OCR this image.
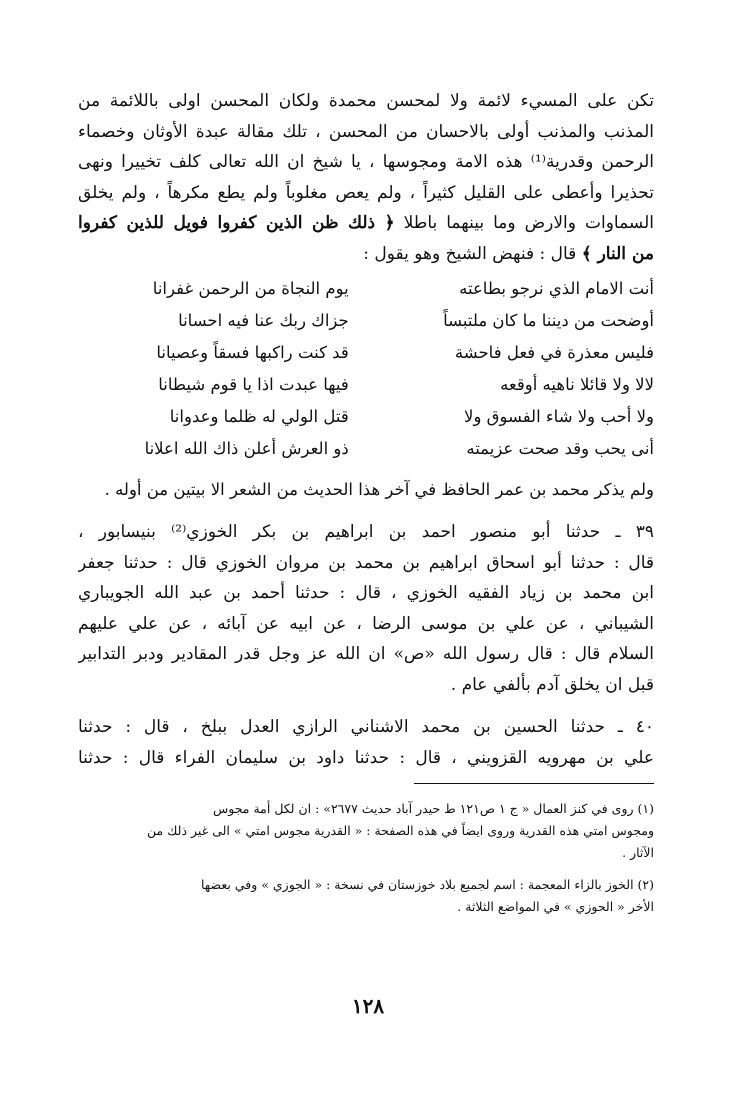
تكن على المسيء لائمة ولا لمحسن محمدة ولكان المحسن اولى باللائمة من
المذنب والمذنب أولى بالاحسان من المحسن ، تلك مقالة عبدة الأوثان وخصماء
الرحمن وقدرية⁽¹⁾ هذه الامة ومجوسها ، يا شيخ ان الله تعالى كلف تخييرا ونهى
تحذيرا وأعطى على القليل كثيراً ، ولم يعص مغلوباً ولم يطع مكرهاً ، ولم يخلق
السماوات والارض وما بينهما باطلا ﴿ ذلك ظن الذين كفروا فويل للذين كفروا
من النار ﴾ قال : فنهض الشيخ وهو يقول :
أنت الامام الذي نرجو بطاعته
يوم النجاة من الرحمن غفرانا
أوضحت من ديننا ما كان ملتبساً
جزاك ربك عنا فيه احسانا
فليس معذرة في فعل فاحشة
قد كنت راكبها فسقاً وعصيانا
لالا ولا قائلا ناهيه أوقعه
فيها عبدت اذا يا قوم شيطانا
ولا أحب ولا شاء الفسوق ولا
قتل الولي له ظلما وعدوانا
أنى يحب وقد صحت عزيمته
ذو العرش أعلن ذاك الله اعلانا
ولم يذكر محمد بن عمر الحافظ في آخر هذا الحديث من الشعر الا بيتين من أوله .
٣٩ ـ حدثنا أبو منصور احمد بن ابراهيم بن بكر الخوزي⁽²⁾ بنيسابور ،
قال : حدثنا أبو اسحاق ابراهيم بن محمد بن مروان الخوزي قال : حدثنا جعفر
ابن محمد بن زياد الفقيه الخوزي ، قال : حدثنا أحمد بن عبد الله الجويباري
الشيباني ، عن علي بن موسى الرضا ، عن ابيه عن آبائه ، عن علي عليهم
السلام قال : قال رسول الله «ص» ان الله عز وجل قدر المقادير ودبر التدابير
قبل ان يخلق آدم بألفي عام .
٤٠ ـ حدثنا الحسين بن محمد الاشناني الرازي العدل ببلخ ، قال : حدثنا
علي بن مهرويه القزويني ، قال : حدثنا داود بن سليمان الفراء قال : حدثنا
(١) روى في كنز العمال « ج ١ ص١٢١ ط حيدر آباد حديث ٢٦٧٧» : ان لكل أمة مجوس
ومجوس امتي هذه القدرية وروى ايضاً في هذه الصفحة : « القدرية مجوس امتي » الى غير ذلك من
الآثار .
(٢) الخوز بالزاء المعجمة : اسم لجميع بلاد خوزستان في نسخة : « الجوزي » وفي بعضها
الأخر « الحوزي » في المواضع الثلاثة .
١٢٨
